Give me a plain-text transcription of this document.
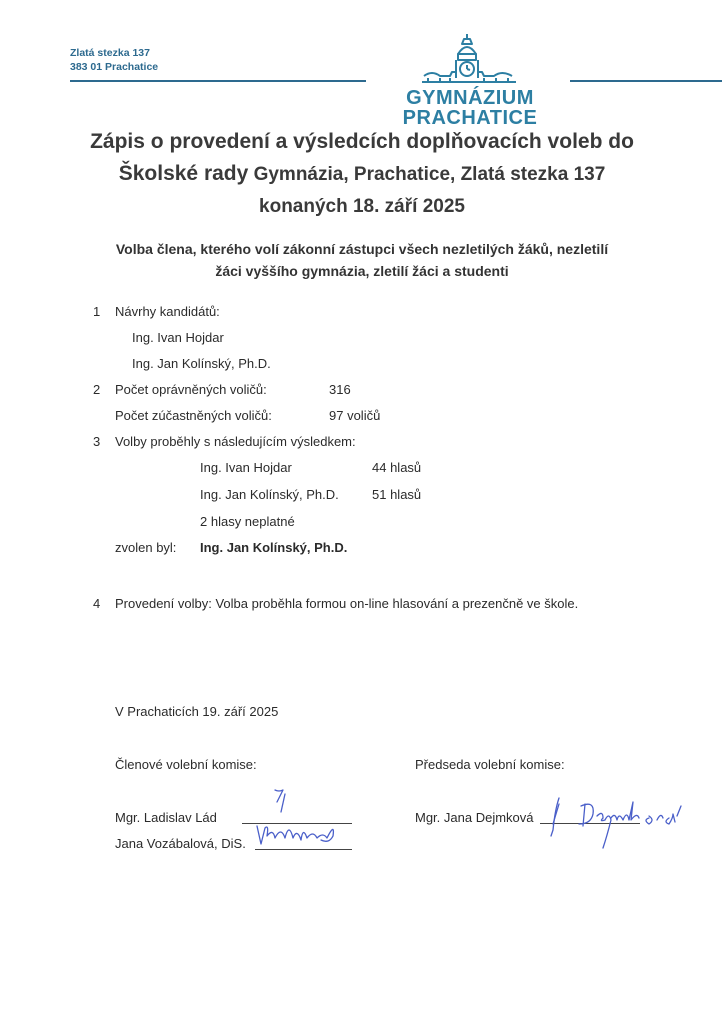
Zlatá stezka 137
383 01 Prachatice
GYMNÁZIUM
PRACHATICE
Zápis o provedení a výsledcích doplňovacích voleb do
Školské rady Gymnázia, Prachatice, Zlatá stezka 137
konaných 18. září 2025
Volba člena, kterého volí zákonní zástupci všech nezletilých žáků, nezletilí
žáci vyššího gymnázia, zletilí žáci a studenti
1 Návrhy kandidátů:
Ing. Ivan Hojdar
Ing. Jan Kolínský, Ph.D.
2 Počet oprávněných voličů:	316
Počet zúčastněných voličů:	97 voličů
3 Volby proběhly s následujícím výsledkem:
Ing. Ivan Hojdar	44 hlasů
Ing. Jan Kolínský, Ph.D.	51 hlasů
2 hlasy neplatné
zvolen byl: Ing. Jan Kolínský, Ph.D.
4 Provedení volby: Volba proběhla formou on-line hlasování a prezenčně ve škole.
V Prachaticích 19. září 2025
Členové volební komise:	Předseda volební komise:
Mgr. Ladislav Lád
Jana Vozábalová, DiS.
Mgr. Jana Dejmková
